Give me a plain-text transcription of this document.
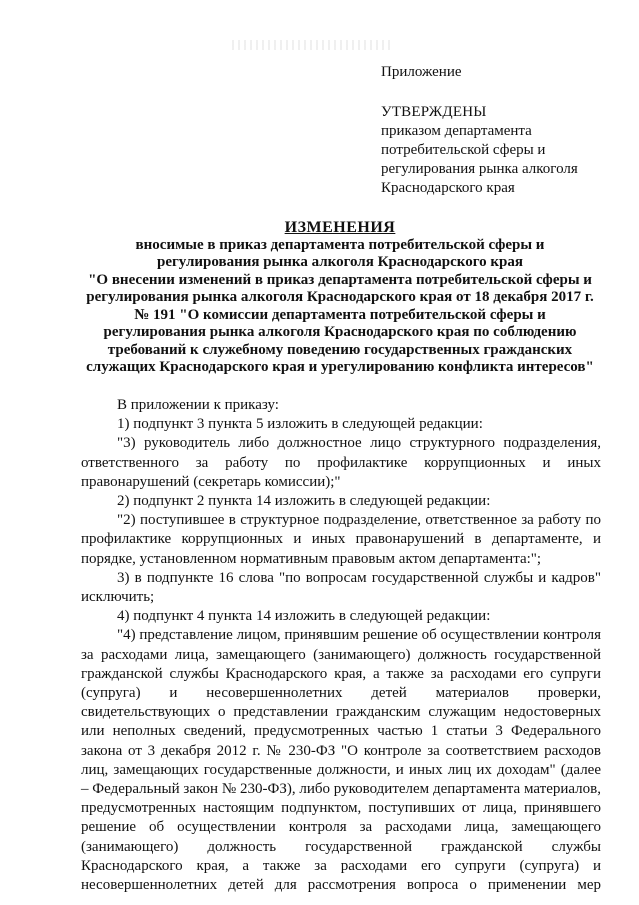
Приложение

УТВЕРЖДЕНЫ

приказом департамента

потребительской сферы и

регулирования рынка алкоголя

Краснодарского края

ИЗМЕНЕНИЯ

вносимые в приказ департамента потребительской сферы и

регулирования рынка алкоголя Краснодарского края

"О внесении изменений в приказ департамента потребительской сферы и

регулирования рынка алкоголя Краснодарского края от 18 декабря 2017 г.

№ 191 "О комиссии департамента потребительской сферы и

регулирования рынка алкоголя Краснодарского края по соблюдению

требований к служебному поведению государственных гражданских

служащих Краснодарского края и урегулированию конфликта интересов"

В приложении к приказу:

1) подпункт 3 пункта 5 изложить в следующей редакции:

"3) руководитель либо должностное лицо структурного подразделения,

ответственного за работу по профилактике коррупционных и иных

правонарушений (секретарь комиссии);"

2) подпункт 2 пункта 14 изложить в следующей редакции:

"2) поступившее в структурное подразделение, ответственное за работу по

профилактике коррупционных и иных правонарушений в департаменте, и

порядке, установленном нормативным правовым актом департамента:";

3) в подпункте 16 слова "по вопросам государственной службы и кадров"

исключить;

4) подпункт 4 пункта 14 изложить в следующей редакции:

"4) представление лицом, принявшим решение об осуществлении контроля

за расходами лица, замещающего (занимающего) должность государственной

гражданской службы Краснодарского края, а также за расходами его супруги

(супруга) и несовершеннолетних детей материалов проверки,

свидетельствующих о представлении гражданским служащим недостоверных

или неполных сведений, предусмотренных частью 1 статьи 3 Федерального

закона от 3 декабря 2012 г. № 230-ФЗ "О контроле за соответствием расходов

лиц, замещающих государственные должности, и иных лиц их доходам" (далее

– Федеральный закон № 230-ФЗ), либо руководителем департамента материалов,

предусмотренных настоящим подпунктом, поступивших от лица, принявшего

решение об осуществлении контроля за расходами лица, замещающего

(занимающего) должность государственной гражданской службы

Краснодарского края, а также за расходами его супруги (супруга) и

несовершеннолетних детей для рассмотрения вопроса о применении мер
